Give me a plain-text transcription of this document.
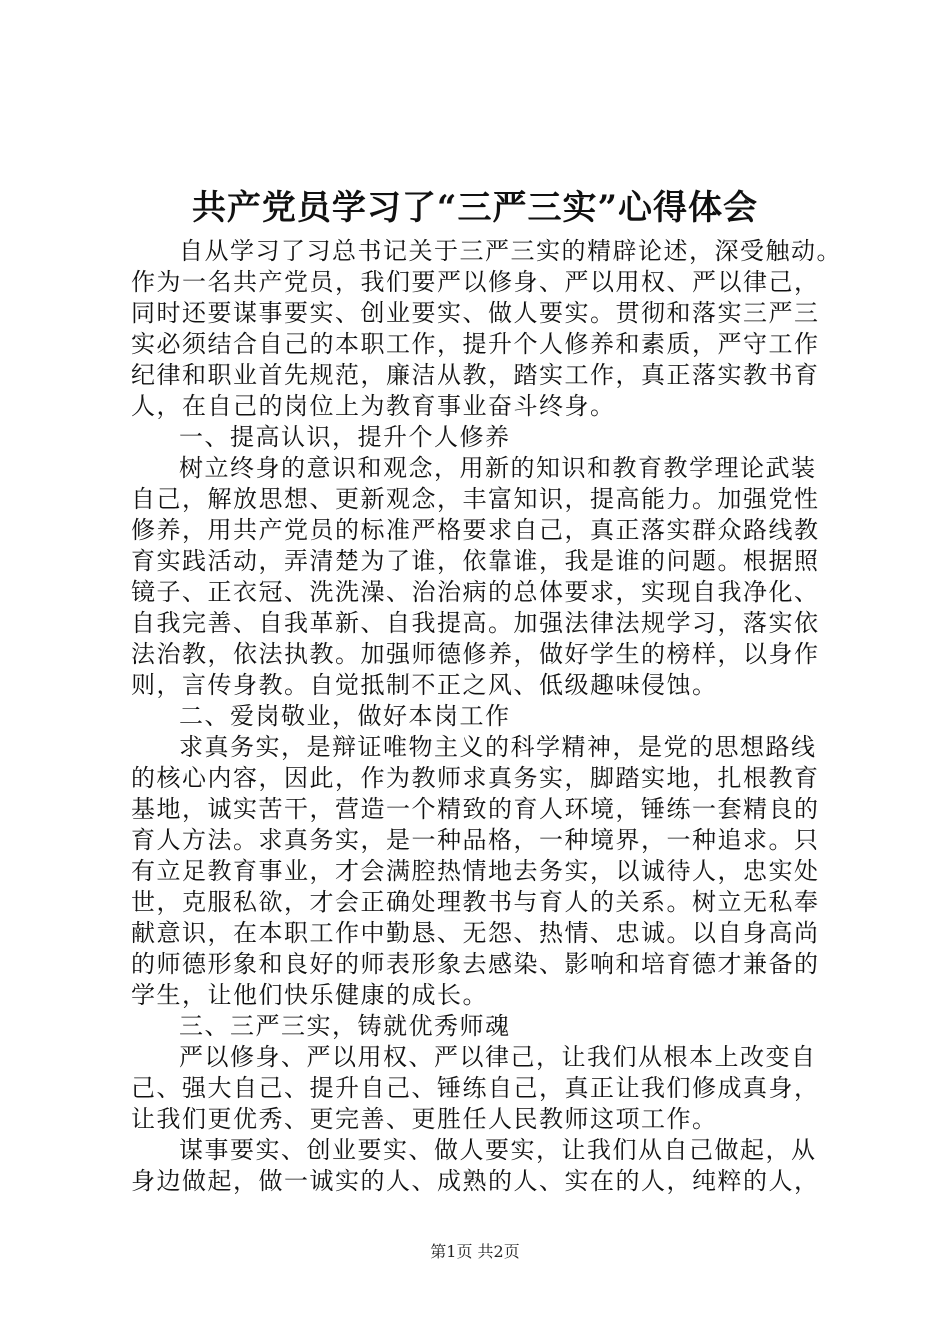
共产党员学习了“三严三实”心得体会
自从学习了习总书记关于三严三实的精辟论述，深受触动。
作为一名共产党员，我们要严以修身、严以用权、严以律己，
同时还要谋事要实、创业要实、做人要实。贯彻和落实三严三
实必须结合自己的本职工作，提升个人修养和素质，严守工作
纪律和职业首先规范，廉洁从教，踏实工作，真正落实教书育
人，在自己的岗位上为教育事业奋斗终身。
一、提高认识，提升个人修养
树立终身的意识和观念，用新的知识和教育教学理论武装
自己，解放思想、更新观念，丰富知识，提高能力。加强党性
修养，用共产党员的标准严格要求自己，真正落实群众路线教
育实践活动，弄清楚为了谁，依靠谁，我是谁的问题。根据照
镜子、正衣冠、洗洗澡、治治病的总体要求，实现自我净化、
自我完善、自我革新、自我提高。加强法律法规学习，落实依
法治教，依法执教。加强师德修养，做好学生的榜样，以身作
则，言传身教。自觉抵制不正之风、低级趣味侵蚀。
二、爱岗敬业，做好本岗工作
求真务实，是辩证唯物主义的科学精神，是党的思想路线
的核心内容，因此，作为教师求真务实，脚踏实地，扎根教育
基地，诚实苦干，营造一个精致的育人环境，锤练一套精良的
育人方法。求真务实，是一种品格，一种境界，一种追求。只
有立足教育事业，才会满腔热情地去务实，以诚待人，忠实处
世，克服私欲，才会正确处理教书与育人的关系。树立无私奉
献意识，在本职工作中勤恳、无怨、热情、忠诚。以自身高尚
的师德形象和良好的师表形象去感染、影响和培育德才兼备的
学生，让他们快乐健康的成长。
三、三严三实，铸就优秀师魂
严以修身、严以用权、严以律己，让我们从根本上改变自
己、强大自己、提升自己、锤练自己，真正让我们修成真身，
让我们更优秀、更完善、更胜任人民教师这项工作。
谋事要实、创业要实、做人要实，让我们从自己做起，从
身边做起，做一诚实的人、成熟的人、实在的人，纯粹的人，
第1页 共2页
